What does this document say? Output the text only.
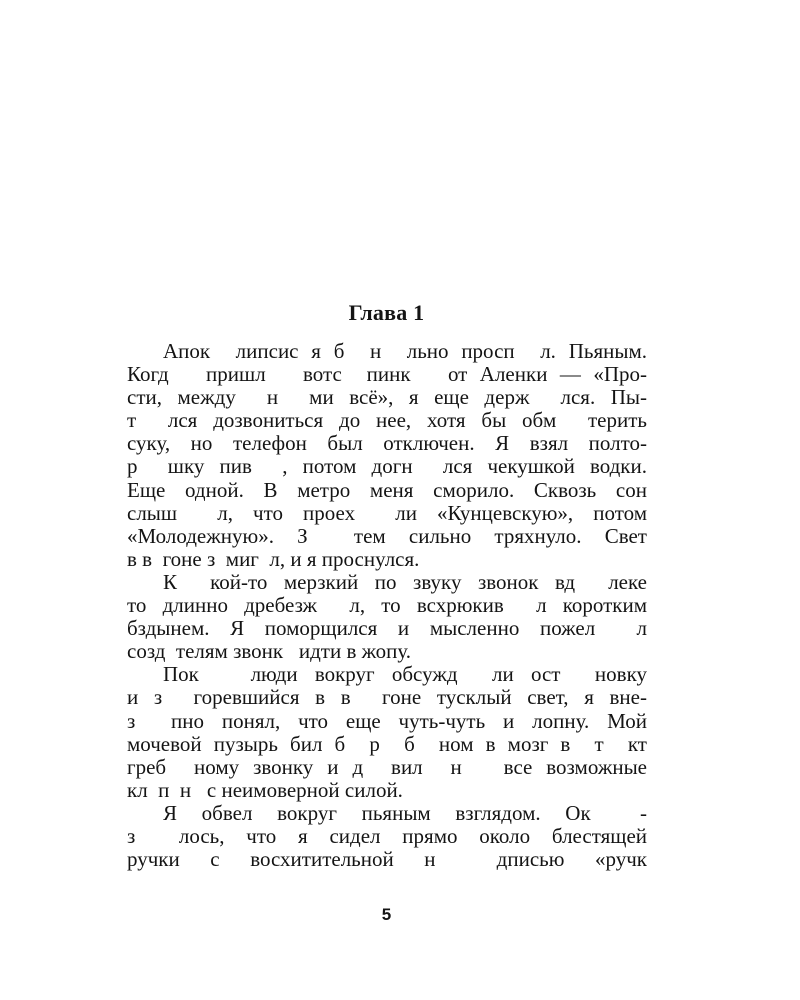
Глава 1
Апок  липсис я б  н  льно просп  л. Пьяным.
Когд   пришл   вотс  пинк   от Аленки — «Про-
сти, между  н  ми всё», я еще держ  лся. Пы-
т  лся дозвониться до нее, хотя бы обм  терить
суку, но телефон был отключен. Я взял полто-
р  шку пив  , потом догн  лся чекушкой водки.
Еще одной. В метро меня сморило. Сквозь сон
слыш  л, что проех  ли «Кунцевскую», потом
«Молодежную». З  тем сильно тряхнуло. Свет
в в  гоне з  миг  л, и я проснулся.
К  кой-то мерзкий по звуку звонок вд  леке
то длинно дребезж  л, то всхрюкив  л коротким
бздынем. Я поморщился и мысленно пожел  л
созд  телям звонк   идти в жопу.
Пок   люди вокруг обсужд  ли ост  новку
и з  горевшийся в в  гоне тусклый свет, я вне-
з  пно понял, что еще чуть-чуть и лопну. Мой
мочевой пузырь бил б  р  б  ном в мозг в  т  кт
греб  ному звонку и д  вил  н   все возможные
кл  п  н   с неимоверной силой.
Я обвел вокруг пьяным взглядом. Ок  -
з  лось, что я сидел прямо около блестящей
ручки с восхитительной н  дписью «ручк
5
